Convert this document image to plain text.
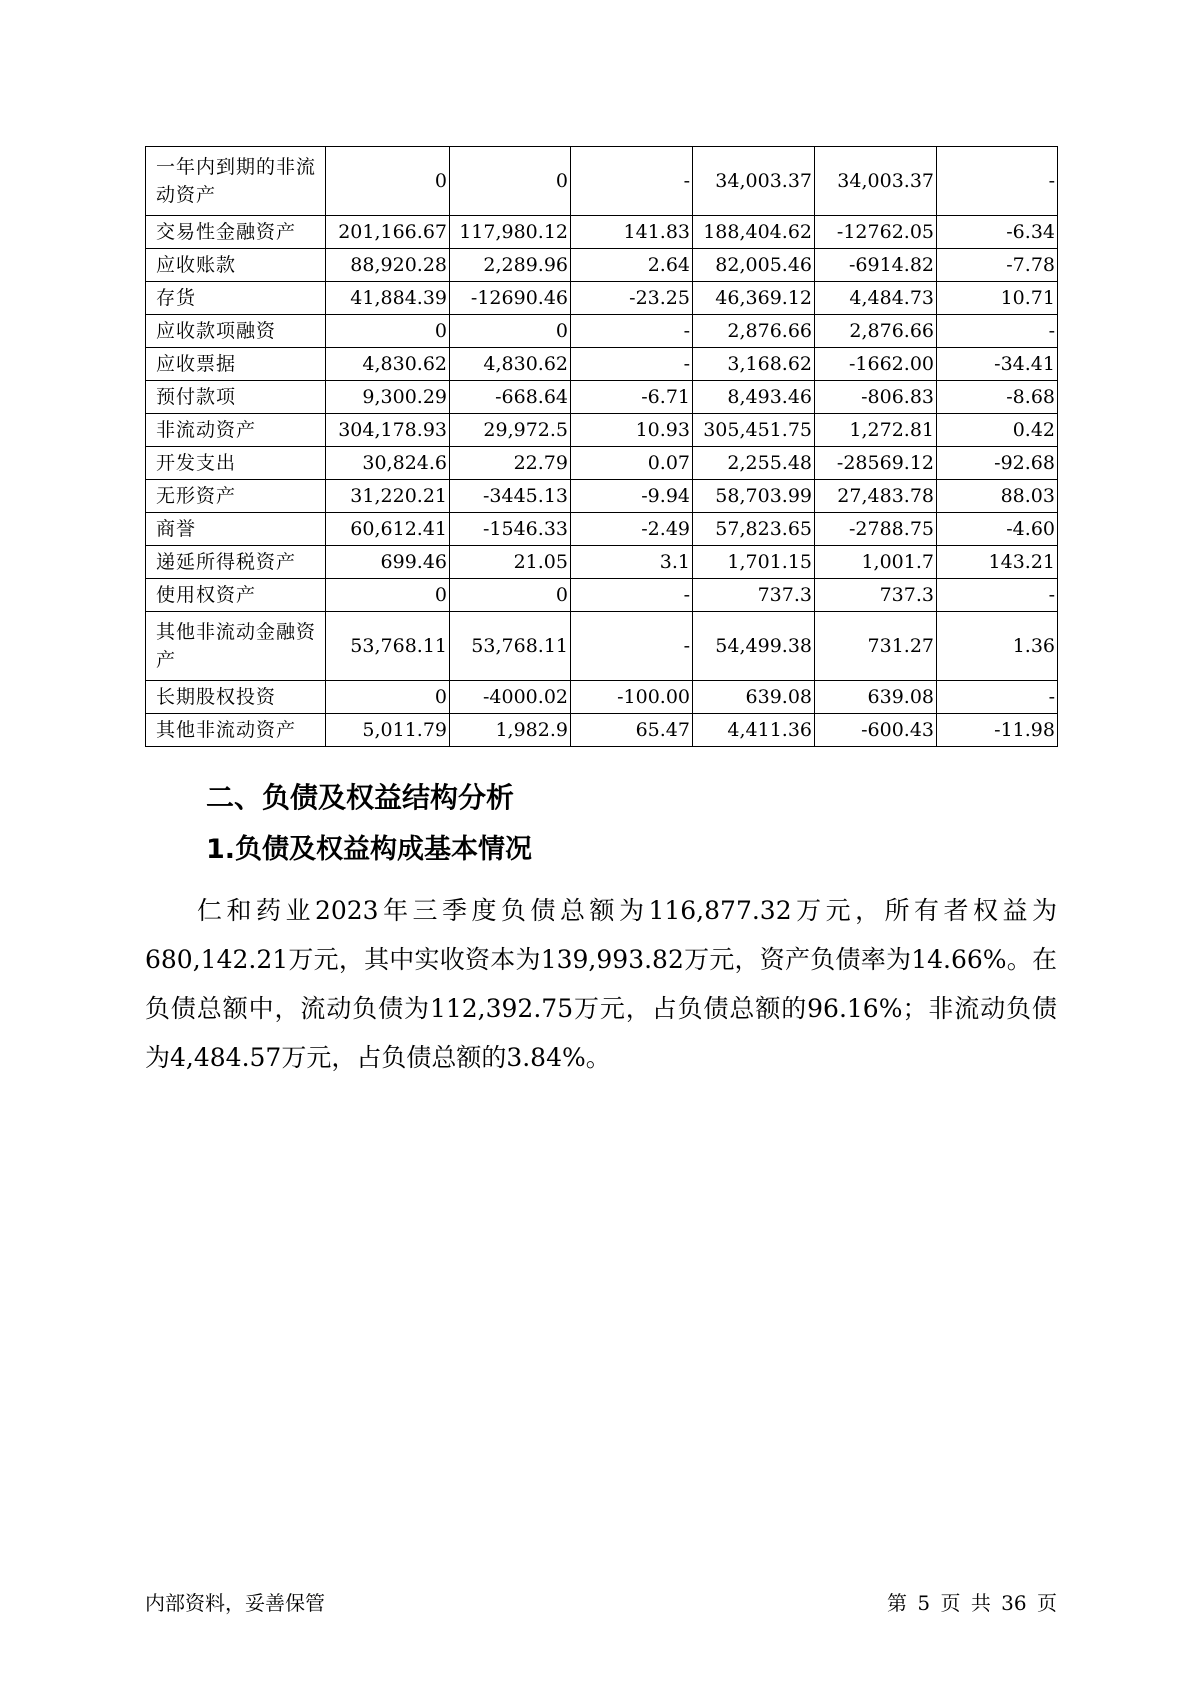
一年内到期的非流动资产	0	0	-	34,003.37	34,003.37	-
交易性金融资产	201,166.67	117,980.12	141.83	188,404.62	-12762.05	-6.34
应收账款	88,920.28	2,289.96	2.64	82,005.46	-6914.82	-7.78
存货	41,884.39	-12690.46	-23.25	46,369.12	4,484.73	10.71
应收款项融资	0	0	-	2,876.66	2,876.66	-
应收票据	4,830.62	4,830.62	-	3,168.62	-1662.00	-34.41
预付款项	9,300.29	-668.64	-6.71	8,493.46	-806.83	-8.68
非流动资产	304,178.93	29,972.5	10.93	305,451.75	1,272.81	0.42
开发支出	30,824.6	22.79	0.07	2,255.48	-28569.12	-92.68
无形资产	31,220.21	-3445.13	-9.94	58,703.99	27,483.78	88.03
商誉	60,612.41	-1546.33	-2.49	57,823.65	-2788.75	-4.60
递延所得税资产	699.46	21.05	3.1	1,701.15	1,001.7	143.21
使用权资产	0	0	-	737.3	737.3	-
其他非流动金融资产	53,768.11	53,768.11	-	54,499.38	731.27	1.36
长期股权投资	0	-4000.02	-100.00	639.08	639.08	-
其他非流动资产	5,011.79	1,982.9	65.47	4,411.36	-600.43	-11.98
二、负债及权益结构分析
1.负债及权益构成基本情况

仁和药业2023年三季度负债总额为116,877.32万元，所有者权益为680,142.21万元，其中实收资本为139,993.82万元，资产负债率为14.66%。在负债总额中，流动负债为112,392.75万元，占负债总额的96.16%；非流动负债为4,484.57万元，占负债总额的3.84%。

内部资料，妥善保管	第 5 页 共 36 页
